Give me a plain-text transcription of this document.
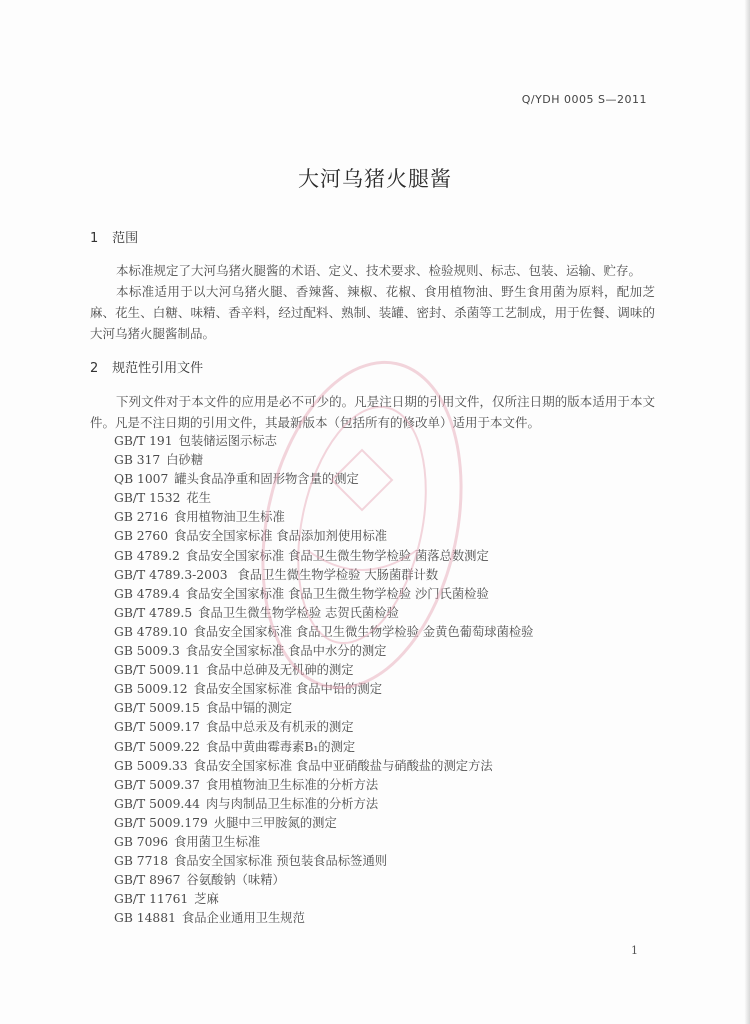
Q/YDH 0005 S—2011
大河乌猪火腿酱
1 范围

本标准规定了大河乌猪火腿酱的术语、定义、技术要求、检验规则、标志、包装、运输、贮存。

本标准适用于以大河乌猪火腿、香辣酱、辣椒、花椒、食用植物油、野生食用菌为原料，配加芝麻、花生、白糖、味精、香辛料，经过配料、熟制、装罐、密封、杀菌等工艺制成，用于佐餐、调味的大河乌猪火腿酱制品。

2 规范性引用文件

下列文件对于本文件的应用是必不可少的。凡是注日期的引用文件，仅所注日期的版本适用于本文件。凡是不注日期的引用文件，其最新版本（包括所有的修改单）适用于本文件。

GB/T 191 包装储运图示标志
GB 317 白砂糖
QB 1007 罐头食品净重和固形物含量的测定
GB/T 1532 花生
GB 2716 食用植物油卫生标准
GB 2760 食品安全国家标准 食品添加剂使用标准
GB 4789.2 食品安全国家标准 食品卫生微生物学检验 菌落总数测定
GB/T 4789.3-2003 食品卫生微生物学检验 大肠菌群计数
GB 4789.4 食品安全国家标准 食品卫生微生物学检验 沙门氏菌检验
GB/T 4789.5 食品卫生微生物学检验 志贺氏菌检验
GB 4789.10 食品安全国家标准 食品卫生微生物学检验 金黄色葡萄球菌检验
GB 5009.3 食品安全国家标准 食品中水分的测定
GB/T 5009.11 食品中总砷及无机砷的测定
GB 5009.12 食品安全国家标准 食品中铅的测定
GB/T 5009.15 食品中镉的测定
GB/T 5009.17 食品中总汞及有机汞的测定
GB/T 5009.22 食品中黄曲霉毒素B₁的测定
GB 5009.33 食品安全国家标准 食品中亚硝酸盐与硝酸盐的测定方法
GB/T 5009.37 食用植物油卫生标准的分析方法
GB/T 5009.44 肉与肉制品卫生标准的分析方法
GB/T 5009.179 火腿中三甲胺氮的测定
GB 7096 食用菌卫生标准
GB 7718 食品安全国家标准 预包装食品标签通则
GB/T 8967 谷氨酸钠（味精）
GB/T 11761 芝麻
GB 14881 食品企业通用卫生规范
1
